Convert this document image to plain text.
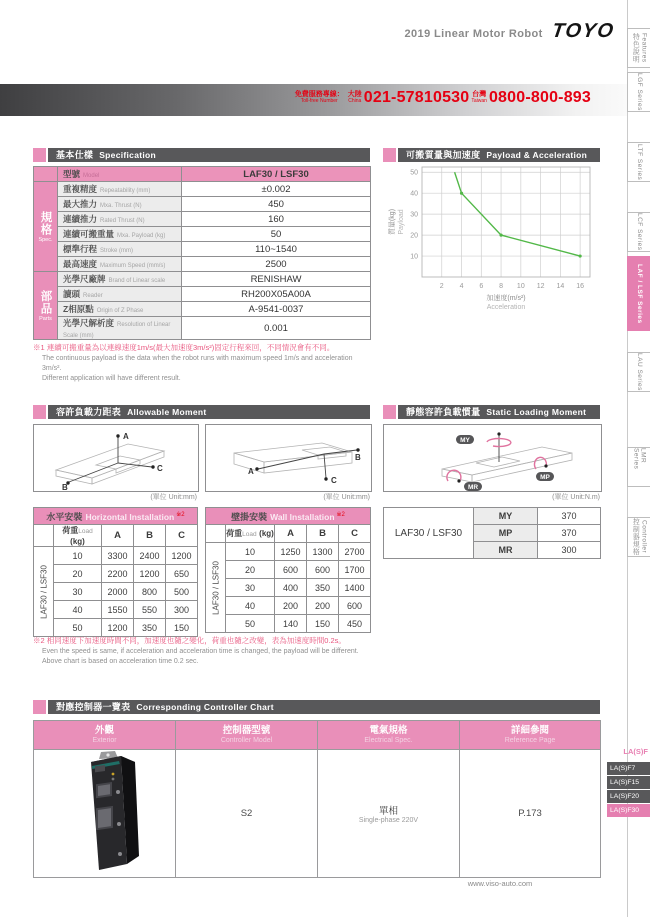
2019 Linear Motor Robot TOYO
免費服務專線：
Toll-free Number
大陸
China 021-57810530 台灣
Taiwan 0800-800-893
基本仕樣 Specification	可搬質量與加速度 Payload & Acceleration
容許負載力距表 Allowable Moment	靜態容許負載慣量 Static Loading Moment
對應控制器一覽表 Corresponding Controller Chart
	型號 Model	LAF30 / LSF30

規格
Spec.	重複精度 Repeatability (mm)	±0.002
	最大推力 Mxa. Thrust (N)	450
	連續推力 Rated Thrust (N)	160
	連續可搬重量 Mxa. Payload (kg)	50
	標準行程 Stroke (mm)	110~1540
	最高速度 Maximum Speed (mm/s)	2500

部品
Parts	光學尺廠牌 Brand of Linear scale	RENISHAW
	讀頭 Reader	RH200X05A00A
	Z相原點 Origin of Z Phase	A-9541-0037
	光學尺解析度 Resolution of Linear Scale (mm)	0.001
※1 連續可搬重量為以連線速度1m/s(最大加速度3m/s²)固定行程來回，不同情況會有不同。
The continuous payload is the data when the robot runs with maximum speed 1m/s and acceleration 3m/s².
Different application will have different result.
2 4 6 8 10 12 14 16
10
20
30
40
50
加速度(m/s²)
Acceleration
質量(kg) Payload
A
C
B
A
B
C
MY
MP
MR
(單位 Unit:mm)	(單位 Unit:mm)	(單位 Unit:N.m)
水平安裝 Horizontal Installation $^{※2}$
	荷重Load (kg)	A	B	C

LAF30 / LSF30	10	3300	2400	1200
	20	2200	1200	650
	30	2000	800	500
	40	1550	550	300
	50	1200	350	150
壁掛安裝 Wall Installation $^{※2}$
	荷重Load (kg)	A	B	C

LAF30 / LSF30	10	1250	1300	2700
	20	600	600	1700
	30	400	350	1400
	40	200	200	600
	50	140	150	450
LAF30 / LSF30	MY	370
	MP	370
	MR	300
※2 相同速度下加速度時間不同，加速度也隨之變化，荷重也隨之改變，表為加速度時間0.2s。
Even the speed is same, if acceleration and acceleration time is changed, the payload will be different.
Above chart is based on acceleration time 0.2 sec.
外觀
Exterior	控制器型號
Controller Model	電氣規格
Electrical Spec.	詳細參閱
Reference Page

	S2	單相
Single-phase 220V	P.173
www.viso-auto.com
特色說明 Features
LGF Series
LTF Series
LCF Series
LAF / LSF Series
LAU Series
LMR Series
控制器規格 Controller
LA(S)F
LA(S)F7
LA(S)F15
LA(S)F20
LA(S)F30
